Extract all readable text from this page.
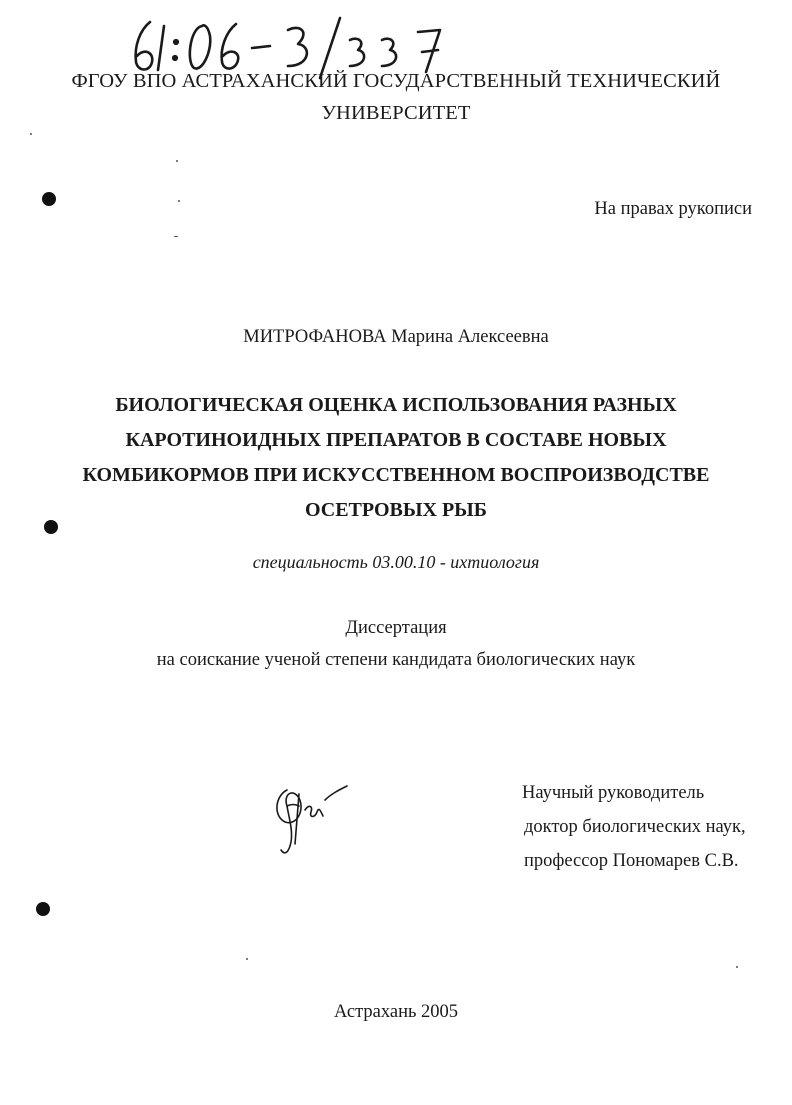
ФГОУ ВПО АСТРАХАНСКИЙ ГОСУДАРСТВЕННЫЙ ТЕХНИЧЕСКИЙ
УНИВЕРСИТЕТ
На правах рукописи
МИТРОФАНОВА Марина Алексеевна
БИОЛОГИЧЕСКАЯ ОЦЕНКА ИСПОЛЬЗОВАНИЯ РАЗНЫХ
КАРОТИНОИДНЫХ ПРЕПАРАТОВ В СОСТАВЕ НОВЫХ
КОМБИКОРМОВ ПРИ ИСКУССТВЕННОМ ВОСПРОИЗВОДСТВЕ
ОСЕТРОВЫХ РЫБ
специальность 03.00.10 - ихтиология
Диссертация
на соискание ученой степени кандидата биологических наук
Научный руководитель
доктор биологических наук,
профессор Пономарев С.В.
Астрахань 2005
